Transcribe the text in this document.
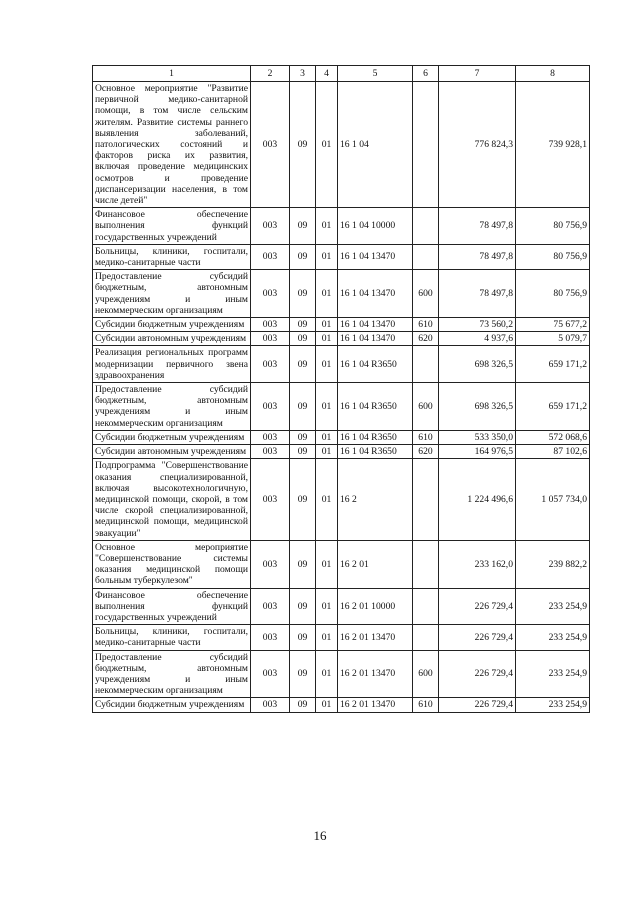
1	2	3	4	5	6	7	8
Основное мероприятие "Развитие первичной медико-санитарной помощи, в том числе сельским жителям. Развитие системы раннего выявления заболеваний, патологических состояний и факторов риска их развития, включая проведение медицинских осмотров и проведение диспансеризации населения, в том числе детей"	003	09	01	16 1 04		776 824,3	739 928,1
Финансовое обеспечение выполнения функций государственных учреждений	003	09	01	16 1 04 10000		78 497,8	80 756,9
Больницы, клиники, госпитали, медико-санитарные части	003	09	01	16 1 04 13470		78 497,8	80 756,9
Предоставление субсидий бюджетным, автономным учреждениям и иным некоммерческим организациям	003	09	01	16 1 04 13470	600	78 497,8	80 756,9
Субсидии бюджетным учреждениям	003	09	01	16 1 04 13470	610	73 560,2	75 677,2
Субсидии автономным учреждениям	003	09	01	16 1 04 13470	620	4 937,6	5 079,7
Реализация региональных программ модернизации первичного звена здравоохранения	003	09	01	16 1 04 R3650		698 326,5	659 171,2
Предоставление субсидий бюджетным, автономным учреждениям и иным некоммерческим организациям	003	09	01	16 1 04 R3650	600	698 326,5	659 171,2
Субсидии бюджетным учреждениям	003	09	01	16 1 04 R3650	610	533 350,0	572 068,6
Субсидии автономным учреждениям	003	09	01	16 1 04 R3650	620	164 976,5	87 102,6
Подпрограмма "Совершенствование оказания специализированной, включая высокотехнологичную, медицинской помощи, скорой, в том числе скорой специализированной, медицинской помощи, медицинской эвакуации"	003	09	01	16 2		1 224 496,6	1 057 734,0
Основное мероприятие "Совершенствование системы оказания медицинской помощи больным туберкулезом"	003	09	01	16 2 01		233 162,0	239 882,2
Финансовое обеспечение выполнения функций государственных учреждений	003	09	01	16 2 01 10000		226 729,4	233 254,9
Больницы, клиники, госпитали, медико-санитарные части	003	09	01	16 2 01 13470		226 729,4	233 254,9
Предоставление субсидий бюджетным, автономным учреждениям и иным некоммерческим организациям	003	09	01	16 2 01 13470	600	226 729,4	233 254,9
Субсидии бюджетным учреждениям	003	09	01	16 2 01 13470	610	226 729,4	233 254,9
16
